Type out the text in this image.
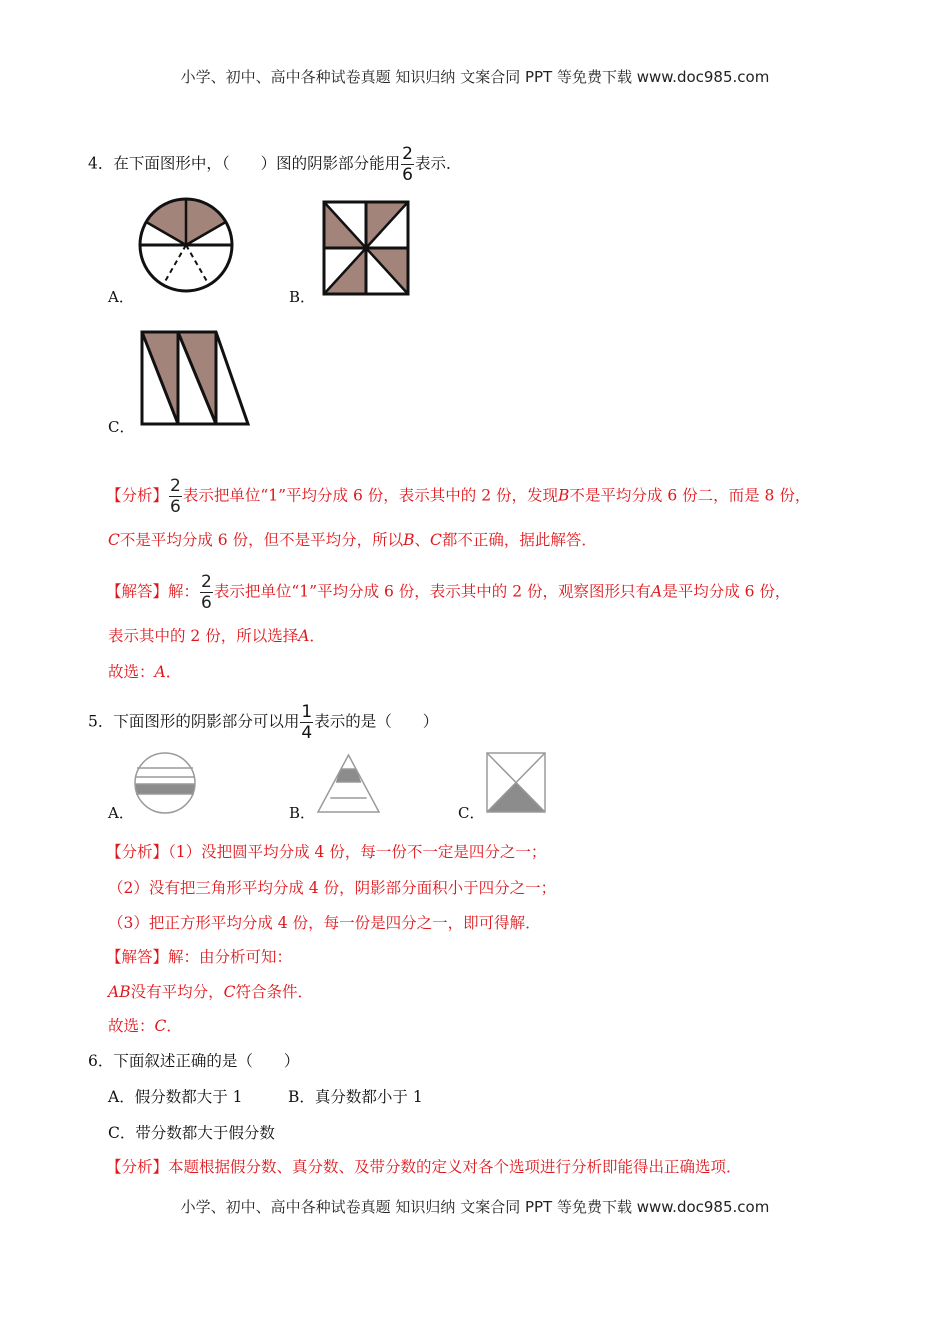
小学、初中、高中各种试卷真题 知识归纳 文案合同 PPT 等免费下载 www.doc985.com
4．在下面图形中，（　　）图的阴影部分能用 $\frac{2}{6}$ 表示．
A．	B．
C．
【分析】 $\frac{2}{6}$ 表示把单位“1”平均分成 6 份，表示其中的 2 份，发现B不是平均分成 6 份二，而是 8 份，
C不是平均分成 6 份，但不是平均分，所以B、C都不正确，据此解答．
【解答】解： $\frac{2}{6}$ 表示把单位“1”平均分成 6 份，表示其中的 2 份，观察图形只有A是平均分成 6 份，
表示其中的 2 份，所以选择A．
故选：A．
5．下面图形的阴影部分可以用 $\frac{1}{4}$ 表示的是（　　）
A．	B．	C．
【分析】（1）没把圆平均分成 4 份，每一份不一定是四分之一；
（2）没有把三角形平均分成 4 份，阴影部分面积小于四分之一；
（3）把正方形平均分成 4 份，每一份是四分之一，即可得解．
【解答】解：由分析可知：
AB没有平均分，C符合条件．
故选：C．
6．下面叙述正确的是（　　）
A．假分数都大于 1	B．真分数都小于 1
C．带分数都大于假分数
【分析】本题根据假分数、真分数、及带分数的定义对各个选项进行分析即能得出正确选项．
小学、初中、高中各种试卷真题 知识归纳 文案合同 PPT 等免费下载 www.doc985.com
